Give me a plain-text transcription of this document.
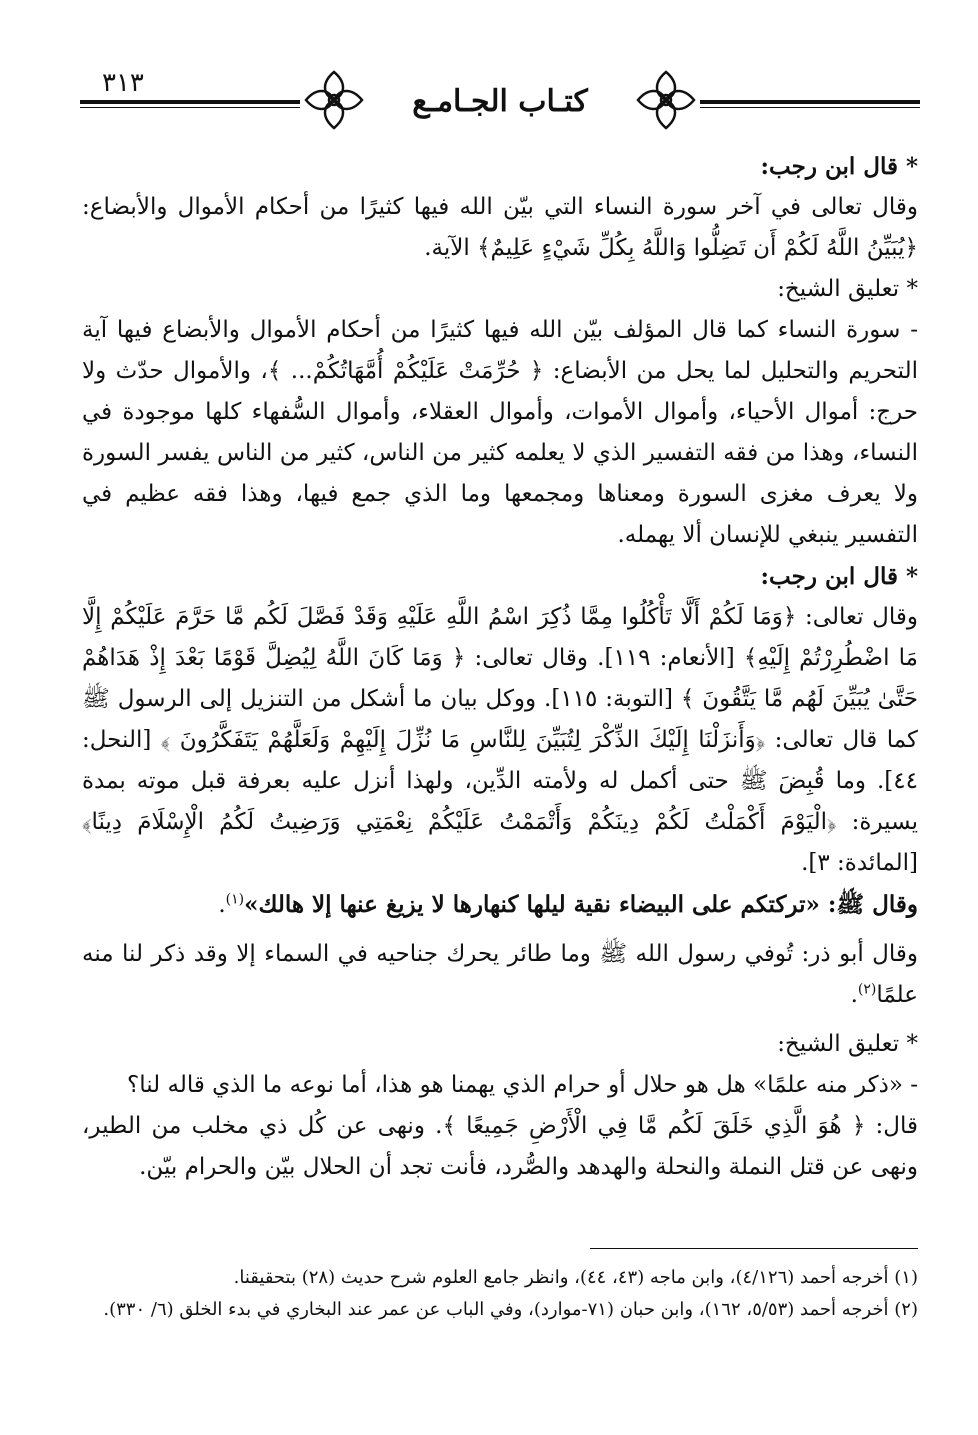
كتـاب الجـامـع
٣١٣

* قال ابن رجب:

وقال تعالى في آخر سورة النساء التي بيّن الله فيها كثيرًا من أحكام الأموال والأبضاع: ﴿يُبَيِّنُ اللَّهُ لَكُمْ أَن تَضِلُّوا وَاللَّهُ بِكُلِّ شَيْءٍ عَلِيمٌ﴾ الآية.

* تعليق الشيخ:

- سورة النساء كما قال المؤلف بيّن الله فيها كثيرًا من أحكام الأموال والأبضاع فيها آية التحريم والتحليل لما يحل من الأبضاع: ﴿ حُرِّمَتْ عَلَيْكُمْ أُمَّهَاتُكُمْ... ﴾، والأموال حدّث ولا حرج: أموال الأحياء، وأموال الأموات، وأموال العقلاء، وأموال السُّفهاء كلها موجودة في النساء، وهذا من فقه التفسير الذي لا يعلمه كثير من الناس، كثير من الناس يفسر السورة ولا يعرف مغزى السورة ومعناها ومجمعها وما الذي جمع فيها، وهذا فقه عظيم في التفسير ينبغي للإنسان ألا يهمله.

* قال ابن رجب:

وقال تعالى: ﴿وَمَا لَكُمْ أَلَّا تَأْكُلُوا مِمَّا ذُكِرَ اسْمُ اللَّهِ عَلَيْهِ وَقَدْ فَصَّلَ لَكُم مَّا حَرَّمَ عَلَيْكُمْ إِلَّا مَا اضْطُرِرْتُمْ إِلَيْهِ﴾ [الأنعام: ١١٩]. وقال تعالى: ﴿ وَمَا كَانَ اللَّهُ لِيُضِلَّ قَوْمًا بَعْدَ إِذْ هَدَاهُمْ حَتَّىٰ يُبَيِّنَ لَهُم مَّا يَتَّقُونَ ﴾ [التوبة: ١١٥]. ووكل بيان ما أشكل من التنزيل إلى الرسول ﷺ كما قال تعالى: ﴿وَأَنزَلْنَا إِلَيْكَ الذِّكْرَ لِتُبَيِّنَ لِلنَّاسِ مَا نُزِّلَ إِلَيْهِمْ وَلَعَلَّهُمْ يَتَفَكَّرُونَ ﴾ [النحل: ٤٤]. وما قُبِضَ ﷺ حتى أكمل له ولأمته الدِّين، ولهذا أنزل عليه بعرفة قبل موته بمدة يسيرة: ﴿الْيَوْمَ أَكْمَلْتُ لَكُمْ دِينَكُمْ وَأَتْمَمْتُ عَلَيْكُمْ نِعْمَتِي وَرَضِيتُ لَكُمُ الْإِسْلَامَ دِينًا﴾ [المائدة: ٣].

وقال ﷺ: «تركتكم على البيضاء نقية ليلها كنهارها لا يزيغ عنها إلا هالك»$^{(١)}$.

وقال أبو ذر: تُوفي رسول الله ﷺ وما طائر يحرك جناحيه في السماء إلا وقد ذكر لنا منه علمًا$^{(٢)}$.

* تعليق الشيخ:

- «ذكر منه علمًا» هل هو حلال أو حرام الذي يهمنا هو هذا، أما نوعه ما الذي قاله لنا؟

قال: ﴿ هُوَ الَّذِي خَلَقَ لَكُم مَّا فِي الْأَرْضِ جَمِيعًا ﴾. ونهى عن كُل ذي مخلب من الطير، ونهى عن قتل النملة والنحلة والهدهد والصُّرد، فأنت تجد أن الحلال بيّن والحرام بيّن.

(١) أخرجه أحمد (٤/١٢٦)، وابن ماجه (٤٣، ٤٤)، وانظر جامع العلوم شرح حديث (٢٨) بتحقيقنا.

(٢) أخرجه أحمد (٥/٥٣، ١٦٢)، وابن حبان (٧١-موارد)، وفي الباب عن عمر عند البخاري في بدء الخلق (٦/ ٣٣٠).
